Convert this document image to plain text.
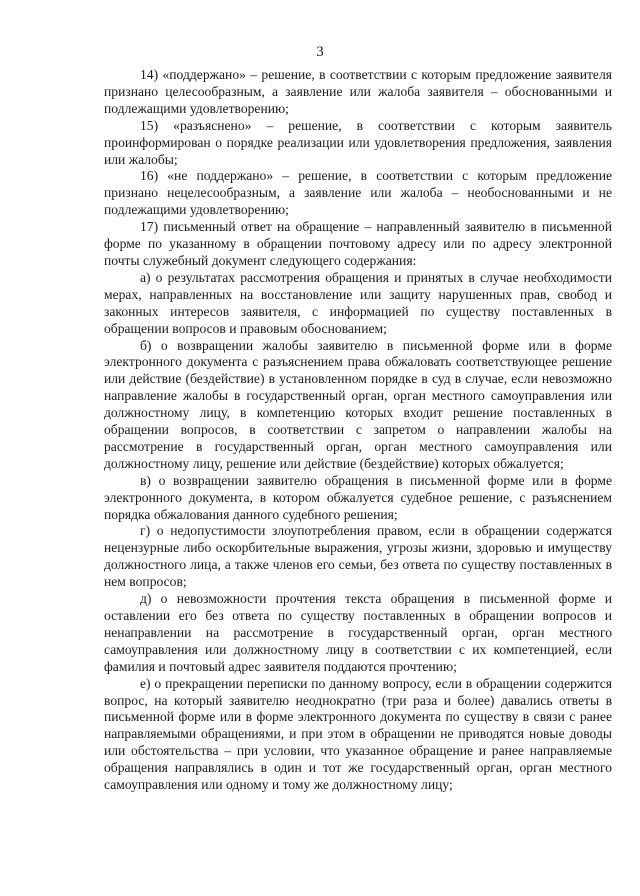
3

14) «поддержано» – решение, в соответствии с которым предложение заявителя признано целесообразным, а заявление или жалоба заявителя – обоснованными и подлежащими удовлетворению;

15) «разъяснено» – решение, в соответствии с которым заявитель проинформирован о порядке реализации или удовлетворения предложения, заявления или жалобы;

16) «не поддержано» – решение, в соответствии с которым предложение признано нецелесообразным, а заявление или жалоба – необоснованными и не подлежащими удовлетворению;

17) письменный ответ на обращение – направленный заявителю в письменной форме по указанному в обращении почтовому адресу или по адресу электронной почты служебный документ следующего содержания:

а) о результатах рассмотрения обращения и принятых в случае необходимости мерах, направленных на восстановление или защиту нарушенных прав, свобод и законных интересов заявителя, с информацией по существу поставленных в обращении вопросов и правовым обоснованием;

б) о возвращении жалобы заявителю в письменной форме или в форме электронного документа с разъяснением права обжаловать соответствующее решение или действие (бездействие) в установленном порядке в суд в случае, если невозможно направление жалобы в государственный орган, орган местного самоуправления или должностному лицу, в компетенцию которых входит решение поставленных в обращении вопросов, в соответствии с запретом о направлении жалобы на рассмотрение в государственный орган, орган местного самоуправления или должностному лицу, решение или действие (бездействие) которых обжалуется;

в) о возвращении заявителю обращения в письменной форме или в форме электронного документа, в котором обжалуется судебное решение, с разъяснением порядка обжалования данного судебного решения;

г) о недопустимости злоупотребления правом, если в обращении содержатся нецензурные либо оскорбительные выражения, угрозы жизни, здоровью и имуществу должностного лица, а также членов его семьи, без ответа по существу поставленных в нем вопросов;

д) о невозможности прочтения текста обращения в письменной форме и оставлении его без ответа по существу поставленных в обращении вопросов и ненаправлении на рассмотрение в государственный орган, орган местного самоуправления или должностному лицу в соответствии с их компетенцией, если фамилия и почтовый адрес заявителя поддаются прочтению;

е) о прекращении переписки по данному вопросу, если в обращении содержится вопрос, на который заявителю неоднократно (три раза и более) давались ответы в письменной форме или в форме электронного документа по существу в связи с ранее направляемыми обращениями, и при этом в обращении не приводятся новые доводы или обстоятельства – при условии, что указанное обращение и ранее направляемые обращения направлялись в один и тот же государственный орган, орган местного самоуправления или одному и тому же должностному лицу;
